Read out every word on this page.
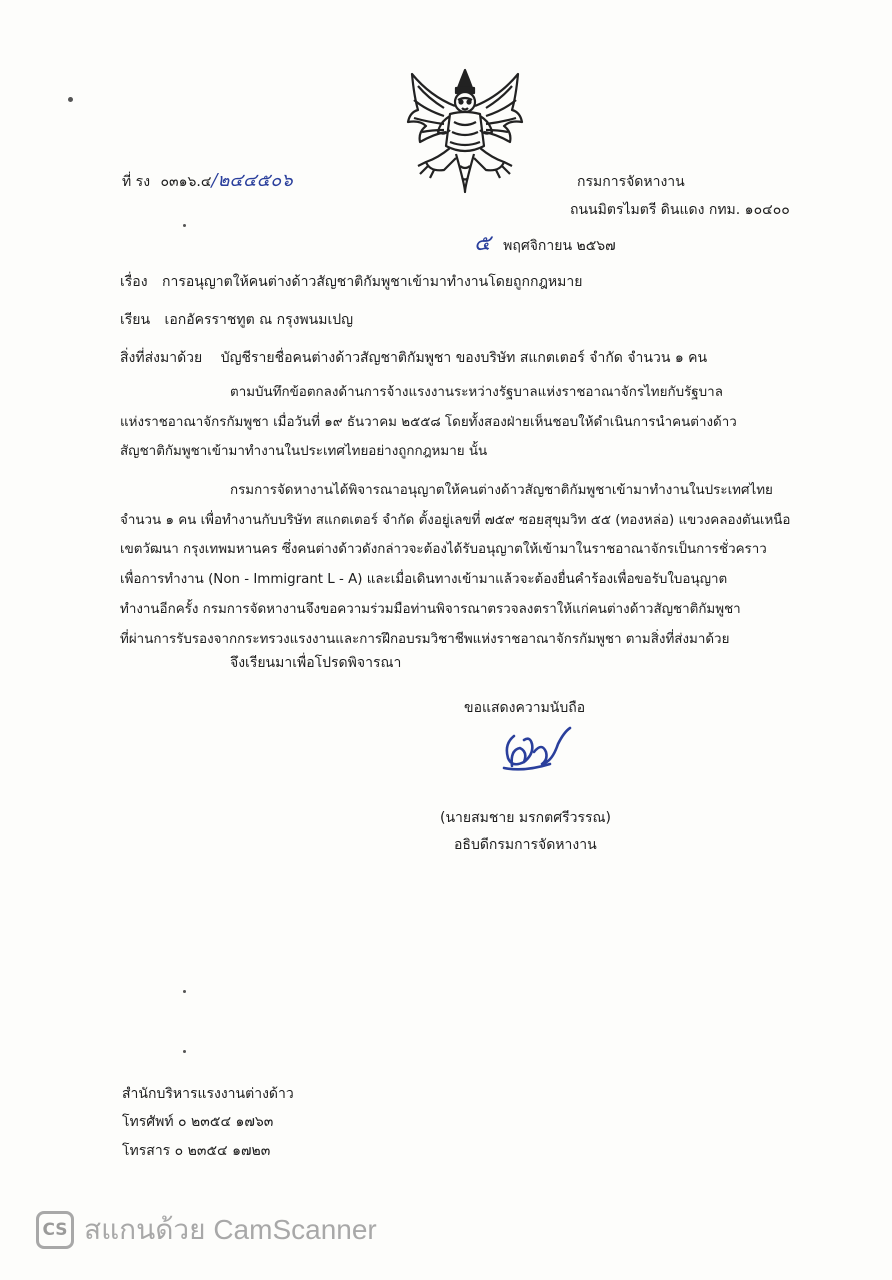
ที่ รง ๐๓๑๖.๔/๒๔๔๕๐๖	กรมการจัดหางาน
ถนนมิตรไมตรี ดินแดง กทม. ๑๐๔๐๐
๕ พฤศจิกายน ๒๕๖๗
เรื่อง การอนุญาตให้คนต่างด้าวสัญชาติกัมพูชาเข้ามาทำงานโดยถูกกฎหมาย
เรียน เอกอัครราชทูต ณ กรุงพนมเปญ
สิ่งที่ส่งมาด้วย บัญชีรายชื่อคนต่างด้าวสัญชาติกัมพูชา ของบริษัท สแกตเตอร์ จำกัด จำนวน ๑ คน
ตามบันทึกข้อตกลงด้านการจ้างแรงงานระหว่างรัฐบาลแห่งราชอาณาจักรไทยกับรัฐบาล
แห่งราชอาณาจักรกัมพูชา เมื่อวันที่ ๑๙ ธันวาคม ๒๕๕๘ โดยทั้งสองฝ่ายเห็นชอบให้ดำเนินการนำคนต่างด้าว
สัญชาติกัมพูชาเข้ามาทำงานในประเทศไทยอย่างถูกกฎหมาย นั้น
กรมการจัดหางานได้พิจารณาอนุญาตให้คนต่างด้าวสัญชาติกัมพูชาเข้ามาทำงานในประเทศไทย
จำนวน ๑ คน เพื่อทำงานกับบริษัท สแกตเตอร์ จำกัด ตั้งอยู่เลขที่ ๗๕๙ ซอยสุขุมวิท ๕๕ (ทองหล่อ) แขวงคลองตันเหนือ
เขตวัฒนา กรุงเทพมหานคร ซึ่งคนต่างด้าวดังกล่าวจะต้องได้รับอนุญาตให้เข้ามาในราชอาณาจักรเป็นการชั่วคราว
เพื่อการทำงาน (Non - Immigrant L - A) และเมื่อเดินทางเข้ามาแล้วจะต้องยื่นคำร้องเพื่อขอรับใบอนุญาต
ทำงานอีกครั้ง กรมการจัดหางานจึงขอความร่วมมือท่านพิจารณาตรวจลงตราให้แก่คนต่างด้าวสัญชาติกัมพูชา
ที่ผ่านการรับรองจากกระทรวงแรงงานและการฝึกอบรมวิชาชีพแห่งราชอาณาจักรกัมพูชา ตามสิ่งที่ส่งมาด้วย
จึงเรียนมาเพื่อโปรดพิจารณา
ขอแสดงความนับถือ
(นายสมชาย มรกตศรีวรรณ)
อธิบดีกรมการจัดหางาน
สำนักบริหารแรงงานต่างด้าว
โทรศัพท์ ๐ ๒๓๕๔ ๑๗๖๓
โทรสาร ๐ ๒๓๕๔ ๑๗๒๓
CS สแกนด้วย CamScanner
